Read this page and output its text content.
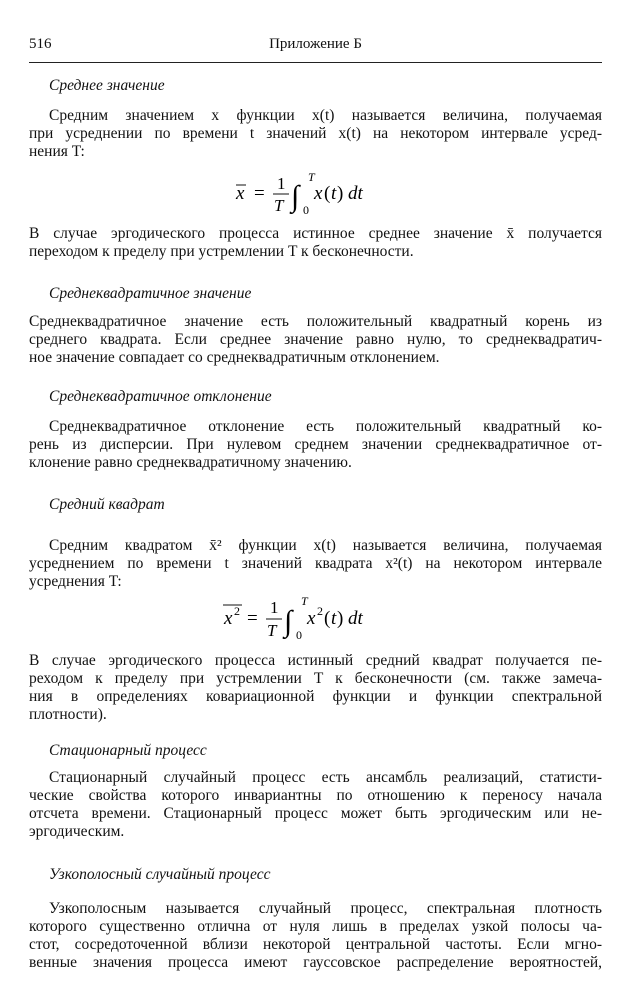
516	Приложение Б
Среднее значение
Средним значением x функции x(t) называется величина, получаемая
при усреднении по времени t значений x(t) на некотором интервале усред-
нения T:
x = 1
T ∫
T
0
x ( t ) dt
В случае эргодического процесса истинное среднее значение x̄ получается
переходом к пределу при устремлении T к бесконечности.
Среднеквадратичное значение
Среднеквадратичное значение есть положительный квадратный корень из
среднего квадрата. Если среднее значение равно нулю, то среднеквадратич-
ное значение совпадает со среднеквадратичным отклонением.
Среднеквадратичное отклонение
Среднеквадратичное отклонение есть положительный квадратный ко-
рень из дисперсии. При нулевом среднем значении среднеквадратичное от-
клонение равно среднеквадратичному значению.
Средний квадрат
Средним квадратом x̄² функции x(t) называется величина, получаемая
усреднением по времени t значений квадрата x²(t) на некотором интервале
усреднения T:
x 2 =
1
T ∫
T
0
x 2 ( t ) dt
В случае эргодического процесса истинный средний квадрат получается пе-
реходом к пределу при устремлении T к бесконечности (см. также замеча-
ния в определениях ковариационной функции и функции спектральной
плотности).
Стационарный процесс
Стационарный случайный процесс есть ансамбль реализаций, статисти-
ческие свойства которого инвариантны по отношению к переносу начала
отсчета времени. Стационарный процесс может быть эргодическим или не-
эргодическим.
Узкополосный случайный процесс
Узкополосным называется случайный процесс, спектральная плотность
которого существенно отлична от нуля лишь в пределах узкой полосы ча-
стот, сосредоточенной вблизи некоторой центральной частоты. Если мгно-
венные значения процесса имеют гауссовское распределение вероятностей,
x̄ = (1/T) ∫₀ᵀ x(t) dt
x̄² = (1/T) ∫₀ᵀ x²(t) dt
